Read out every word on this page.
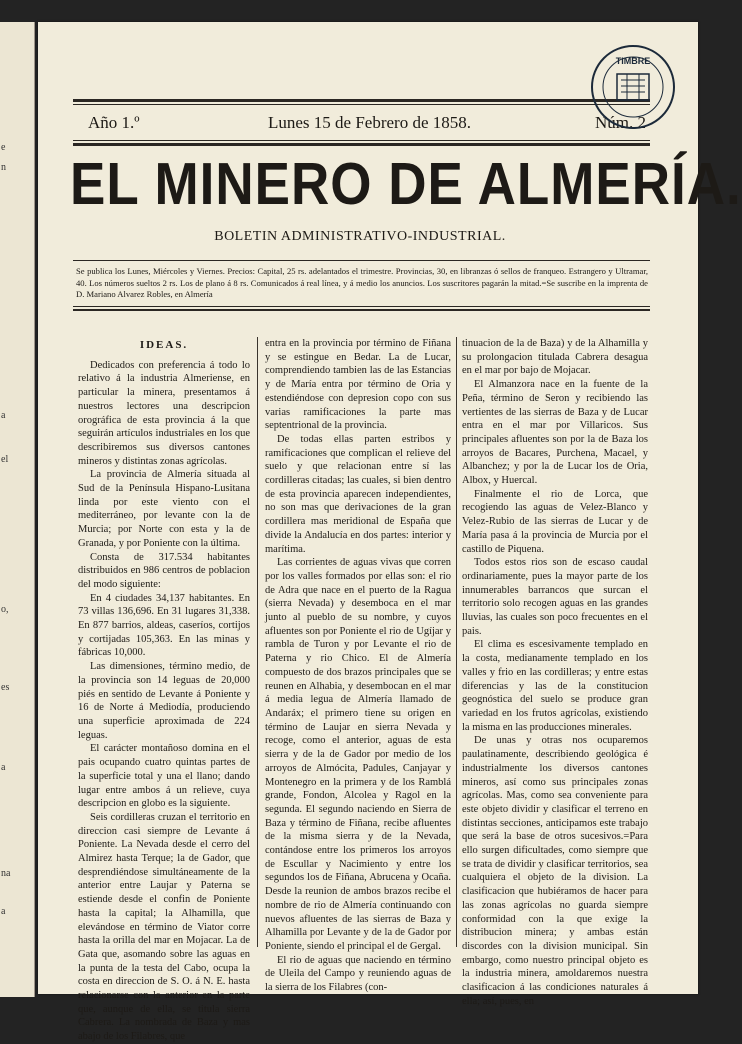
e
n
a
el
o,
es
a
na
a
Año 1.º	Lunes 15 de Febrero de 1858.	Núm. 2
EL MINERO DE ALMERÍA.
BOLETIN ADMINISTRATIVO-INDUSTRIAL.
Se publica los Lunes, Miércoles y Viernes. Precios: Capital, 25 rs. adelantados el trimestre. Provincias, 30, en libranzas ó sellos de franqueo. Estrangero y Ultramar, 40. Los números sueltos 2 rs. Los de plano á 8 rs. Comunicados á real línea, y á medio los anuncios. Los suscritores pagarán la mitad.=Se suscribe en la imprenta de D. Mariano Alvarez Robles, en Almería
TIMBRE

IDEAS.

Dedicados con preferencia á todo lo relativo á la industria Almeriense, en particular la minera, presentamos á nuestros lectores una descripcion orográfica de esta provincia á la que seguirán artículos industriales en los que describiremos sus diversos cantones mineros y distintas zonas agrícolas.

La provincia de Almería situada al Sud de la Península Hispano-Lusitana linda por este viento con el mediterráneo, por levante con la de Murcia; por Norte con esta y la de Granada, y por Poniente con la última.

Consta de 317.534 habitantes distribuidos en 986 centros de poblacion del modo siguiente:

En 4 ciudades 34,137 habitantes. En 73 villas 136,696. En 31 lugares 31,338. En 877 barrios, aldeas, caseríos, cortijos y cortijadas 105,363. En las minas y fábricas 10,000.

Las dimensiones, término medio, de la provincia son 14 leguas de 20,000 piés en sentido de Levante á Poniente y 16 de Norte á Mediodía, produciendo una superficie aproximada de 224 leguas.

El carácter montañoso domina en el pais ocupando cuatro quintas partes de la superficie total y una el llano; dando lugar entre ambos á un relieve, cuya descripcion en globo es la siguiente.

Seis cordilleras cruzan el territorio en direccion casi siempre de Levante á Poniente. La Nevada desde el cerro del Almirez hasta Terque; la de Gador, que desprendiéndose simultáneamente de la anterior entre Laujar y Paterna se estiende desde el confin de Poniente hasta la capital; la Alhamilla, que elevándose en término de Viator corre hasta la orilla del mar en Mojacar. La de Gata que, asomando sobre las aguas en la punta de la testa del Cabo, ocupa la costa en direccion de S. O. á N. E. hasta relacionarse con la anterior en la parte que, aunque de ella, se titula sierra Cabrera. La nombrada de Baza y mas abajo de los Filabres, que

entra en la provincia por término de Fiñana y se estingue en Bedar. La de Lucar, comprendiendo tambien las de las Estancias y de María entra por término de Oria y estendiéndose con depresion copo con sus varias ramificaciones la parte mas septentrional de la provincia.

De todas ellas parten estribos y ramificaciones que complican el relieve del suelo y que relacionan entre sí las cordilleras citadas; las cuales, si bien dentro de esta provincia aparecen independientes, no son mas que derivaciones de la gran cordillera mas meridional de España que divide la Andalucía en dos partes: interior y marítima.

Las corrientes de aguas vivas que corren por los valles formados por ellas son: el rio de Adra que nace en el puerto de la Ragua (sierra Nevada) y desemboca en el mar junto al pueblo de su nombre, y cuyos afluentes son por Poniente el rio de Ugíjar y rambla de Turon y por Levante el rio de Paterna y rio Chico. El de Almería compuesto de dos brazos principales que se reunen en Alhabia, y desembocan en el mar á media legua de Almería llamado de Andaráx; el primero tiene su origen en término de Laujar en sierra Nevada y recoge, como el anterior, aguas de esta sierra y de la de Gador por medio de los arroyos de Almócita, Padules, Canjayar y Montenegro en la primera y de los Ramblá grande, Fondon, Alcolea y Ragol en la segunda. El segundo naciendo en Sierra de Baza y término de Fiñana, recibe afluentes de la misma sierra y de la Nevada, contándose entre los primeros los arroyos de Escullar y Nacimiento y entre los segundos los de Fiñana, Abrucena y Ocaña. Desde la reunion de ambos brazos recibe el nombre de rio de Almería continuando con nuevos afluentes de las sierras de Baza y Alhamilla por Levante y de la de Gador por Poniente, siendo el principal el de Gergal.

El rio de aguas que naciendo en término de Uleila del Campo y reuniendo aguas de la sierra de los Filabres (con-

tinuacion de la de Baza) y de la Alhamilla y su prolongacion titulada Cabrera desagua en el mar por bajo de Mojacar.

El Almanzora nace en la fuente de la Peña, término de Seron y recibiendo las vertientes de las sierras de Baza y de Lucar entra en el mar por Villaricos. Sus principales afluentes son por la de Baza los arroyos de Bacares, Purchena, Macael, y Albanchez; y por la de Lucar los de Oria, Albox, y Huercal.

Finalmente el rio de Lorca, que recogiendo las aguas de Velez-Blanco y Velez-Rubio de las sierras de Lucar y de María pasa á la provincia de Murcia por el castillo de Piquena.

Todos estos rios son de escaso caudal ordinariamente, pues la mayor parte de los innumerables barrancos que surcan el territorio solo recogen aguas en las grandes lluvias, las cuales son poco frecuentes en el pais.

El clima es escesivamente templado en la costa, medianamente templado en los valles y frio en las cordilleras; y entre estas diferencias y las de la constitucion geognóstica del suelo se produce gran variedad en los frutos agrícolas, existiendo la misma en las producciones minerales.

De unas y otras nos ocuparemos paulatinamente, describiendo geológica é industrialmente los diversos cantones mineros, así como sus principales zonas agrícolas. Mas, como sea conveniente para este objeto dividir y clasificar el terreno en distintas secciones, anticipamos este trabajo que será la base de otros sucesivos.=Para ello surgen dificultades, como siempre que se trata de dividir y clasificar territorios, sea cualquiera el objeto de la division. La clasificacion que hubiéramos de hacer para las zonas agrícolas no guarda siempre conformidad con la que exige la distribucion minera; y ambas están discordes con la division municipal. Sin embargo, como nuestro principal objeto es la industria minera, amoldaremos nuestra clasificacion á las condiciones naturales á ella; así, pues, en
